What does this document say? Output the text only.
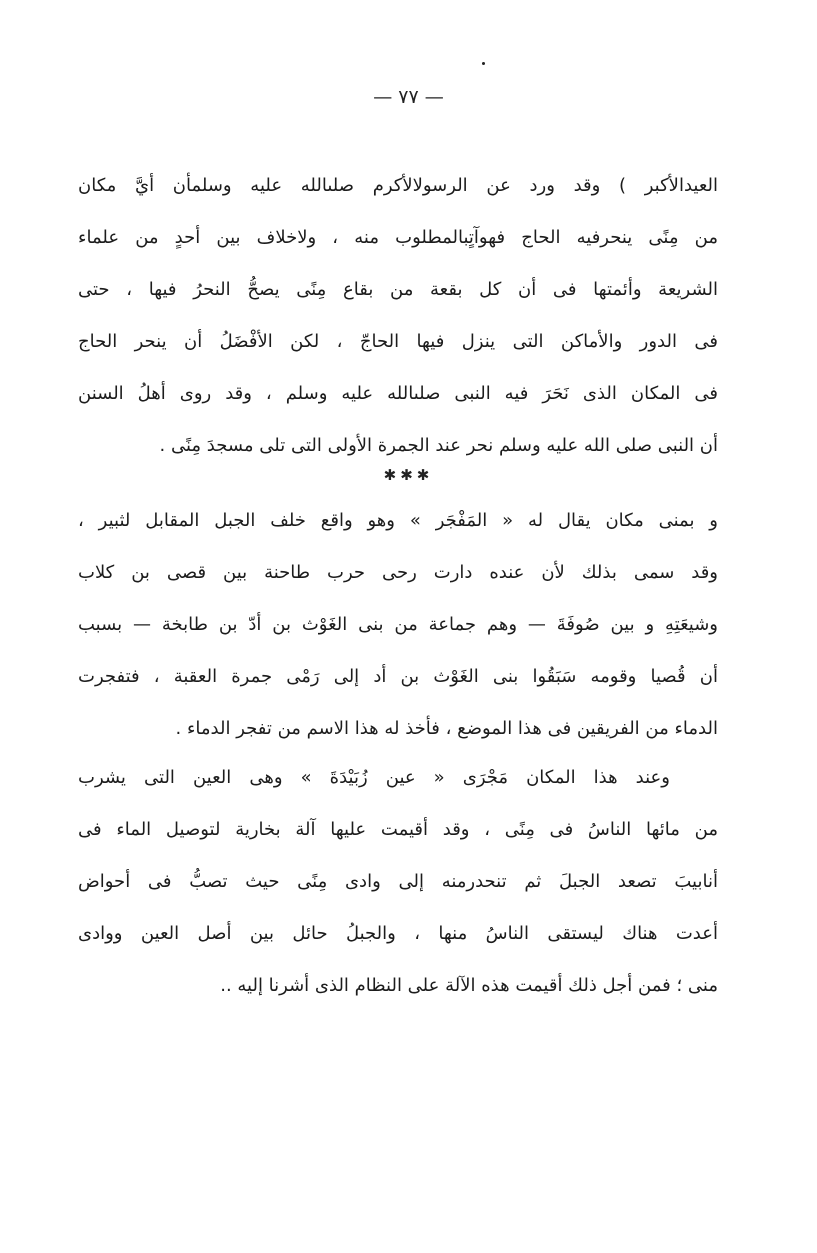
— ٧٧ —
العيدالأكبر ) وقد ورد عن الرسولالأكرم صلىالله عليه وسلمأن أيَّ مكان
من مِنًى ينحرفيه الحاج فهوآتٍبالمطلوب منه ، ولاخلاف بين أحدٍ من علماء
الشريعة وأئمتها فى أن كل بقعة من بقاع مِنًى يصحُّ النحرُ فيها ، حتى
فى الدور والأماكن التى ينزل فيها الحاجّ ، لكن الأفْضَلُ أن ينحر الحاج
فى المكان الذى نَحَرَ فيه النبى صلىالله عليه وسلم ، وقد روى أهلُ السنن
أن النبى صلى الله عليه وسلم نحر عند الجمرة الأولى التى تلى مسجدَ مِنًى .
✱✱✱
و بمنى مكان يقال له « المَفْجَر » وهو واقع خلف الجبل المقابل لثبير ،
وقد سمى بذلك لأن عنده دارت رحى حرب طاحنة بين قصى بن كلاب
وشيعَتِهِ و بين صُوفَةَ — وهم جماعة من بنى الغَوْث بن أدّ بن طابخة — بسبب
أن قُصيا وقومه سَبَقُوا بنى الغَوْث بن أد إلى رَمْى جمرة العقبة ، فتفجرت
الدماء من الفريقين فى هذا الموضع ، فأخذ له هذا الاسم من تفجر الدماء .
وعند هذا المكان مَجْرَى « عين زُبَيْدَةَ » وهى العين التى يشرب
من مائها الناسُ فى مِنًى ، وقد أقيمت عليها آلة بخارية لتوصيل الماء فى
أنابيبَ تصعد الجبلَ ثم تنحدرمنه إلى وادى مِنًى حيث تصبُّ فى أحواض
أعدت هناك ليستقى الناسُ منها ، والجبلُ حائل بين أصل العين ووادى
منى ؛ فمن أجل ذلك أقيمت هذه الآلة على النظام الذى أشرنا إليه ..
